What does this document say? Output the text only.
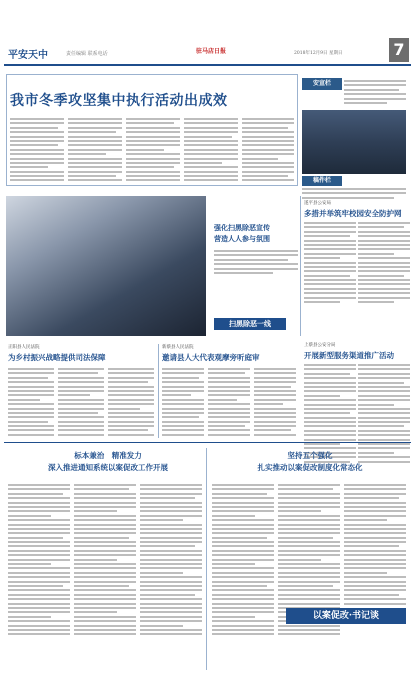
平安天中	责任编辑 联系电话	驻马店日报	2018年12月9日 星期日	7
我市冬季攻坚集中执行活动出成效
安宣栏
稿件栏
强化扫黑除恶宣传
营造人人参与氛围
扫黑除恶一线
遂平县公安局
多措并举筑牢校园安全防护网
上蔡县公安分局
开展新型服务渠道推广活动
正阳县人民法院
为乡村振兴战略提供司法保障
新蔡县人民法院
邀请县人大代表观摩旁听庭审
标本兼治　精准发力
深入推进通知系统以案促改工作开展
坚持五个强化
扎实推动以案促改制度化常态化
以案促改·书记谈
